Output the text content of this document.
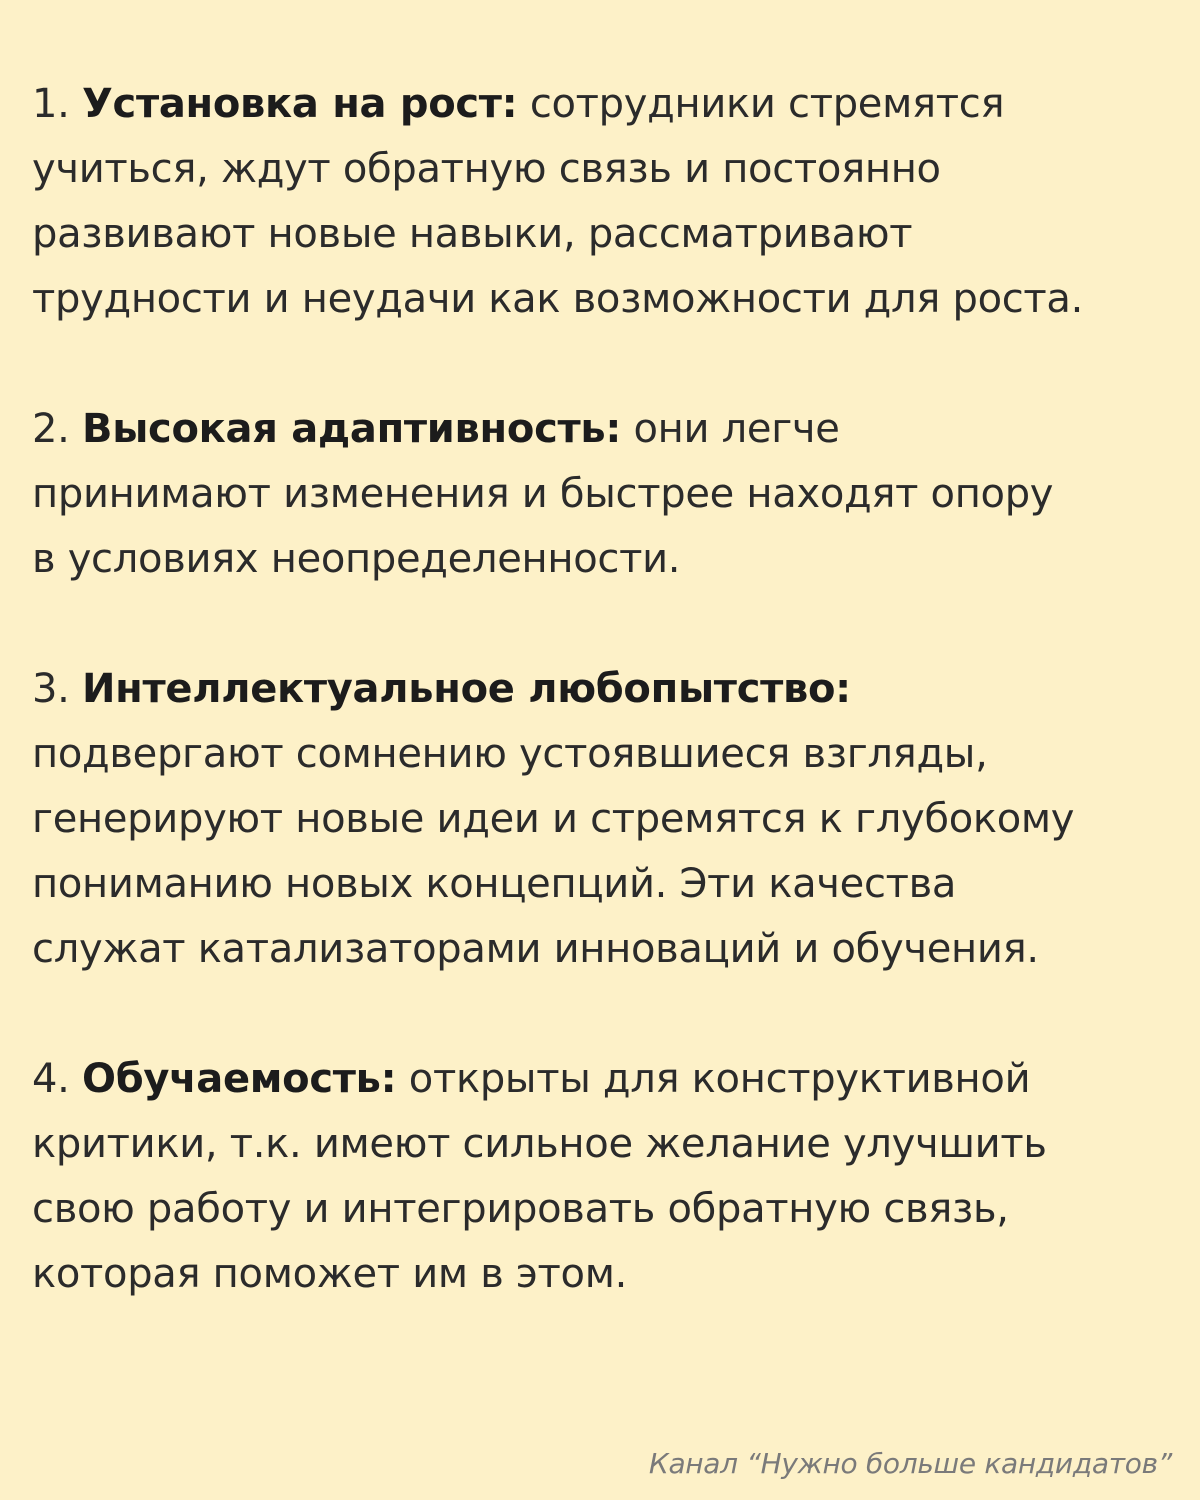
1. Установка на рост: сотрудники стремятся
учиться, ждут обратную связь и постоянно
развивают новые навыки, рассматривают
трудности и неудачи как возможности для роста.
2. Высокая адаптивность: они легче
принимают изменения и быстрее находят опору
в условиях неопределенности.
3. Интеллектуальное любопытство:
подвергают сомнению устоявшиеся взгляды,
генерируют новые идеи и стремятся к глубокому
пониманию новых концепций. Эти качества
служат катализаторами инноваций и обучения.
4. Обучаемость: открыты для конструктивной
критики, т.к. имеют сильное желание улучшить
свою работу и интегрировать обратную связь,
которая поможет им в этом.
Канал “Нужно больше кандидатов”
